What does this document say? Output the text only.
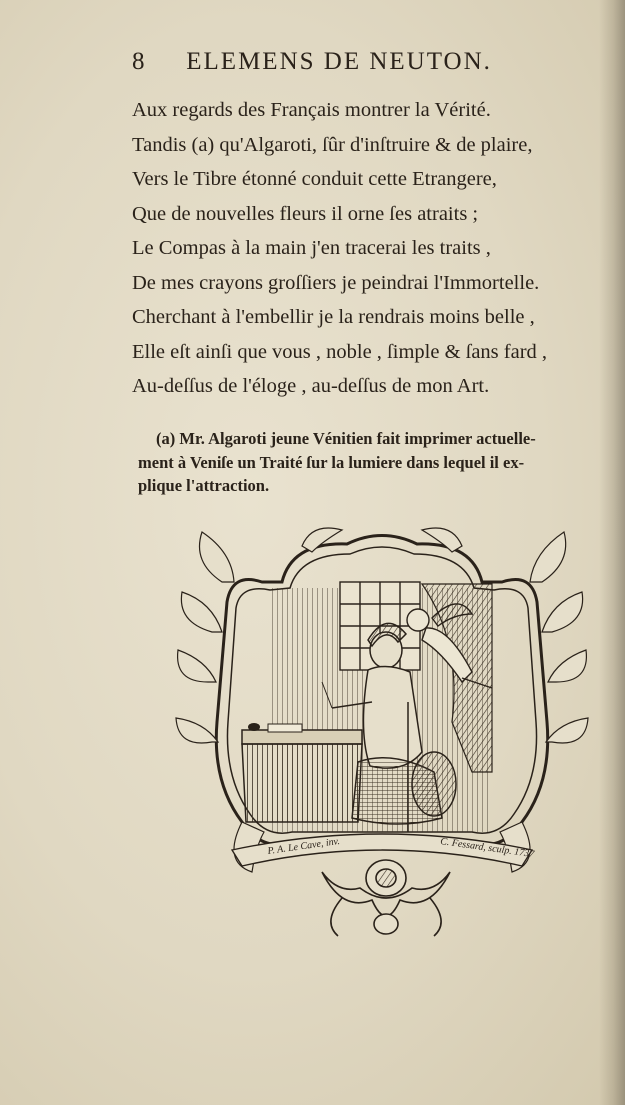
8 ELEMENS DE NEUTON.
Aux regards des Français montrer la Vérité.
Tandis (a) qu'Algaroti, ſûr d'inſtruire & de plaire,
Vers le Tibre étonné conduit cette Etrangere,
Que de nouvelles fleurs il orne ſes atraits ;
Le Compas à la main j'en tracerai les traits ,
De mes crayons groſſiers je peindrai l'Immortelle.
Cherchant à l'embellir je la rendrais moins belle ,
Elle eſt ainſi que vous , noble , ſimple & ſans fard ,
Au-deſſus de l'éloge , au-deſſus de mon Art.
(a) Mr. Algaroti jeune Vénitien fait imprimer actuelle-
ment à Veniſe un Traité ſur la lumiere dans lequel il ex-
plique l'attraction.
P. A. Le Cave, inv.	C. Fessard, sculp. 1737
